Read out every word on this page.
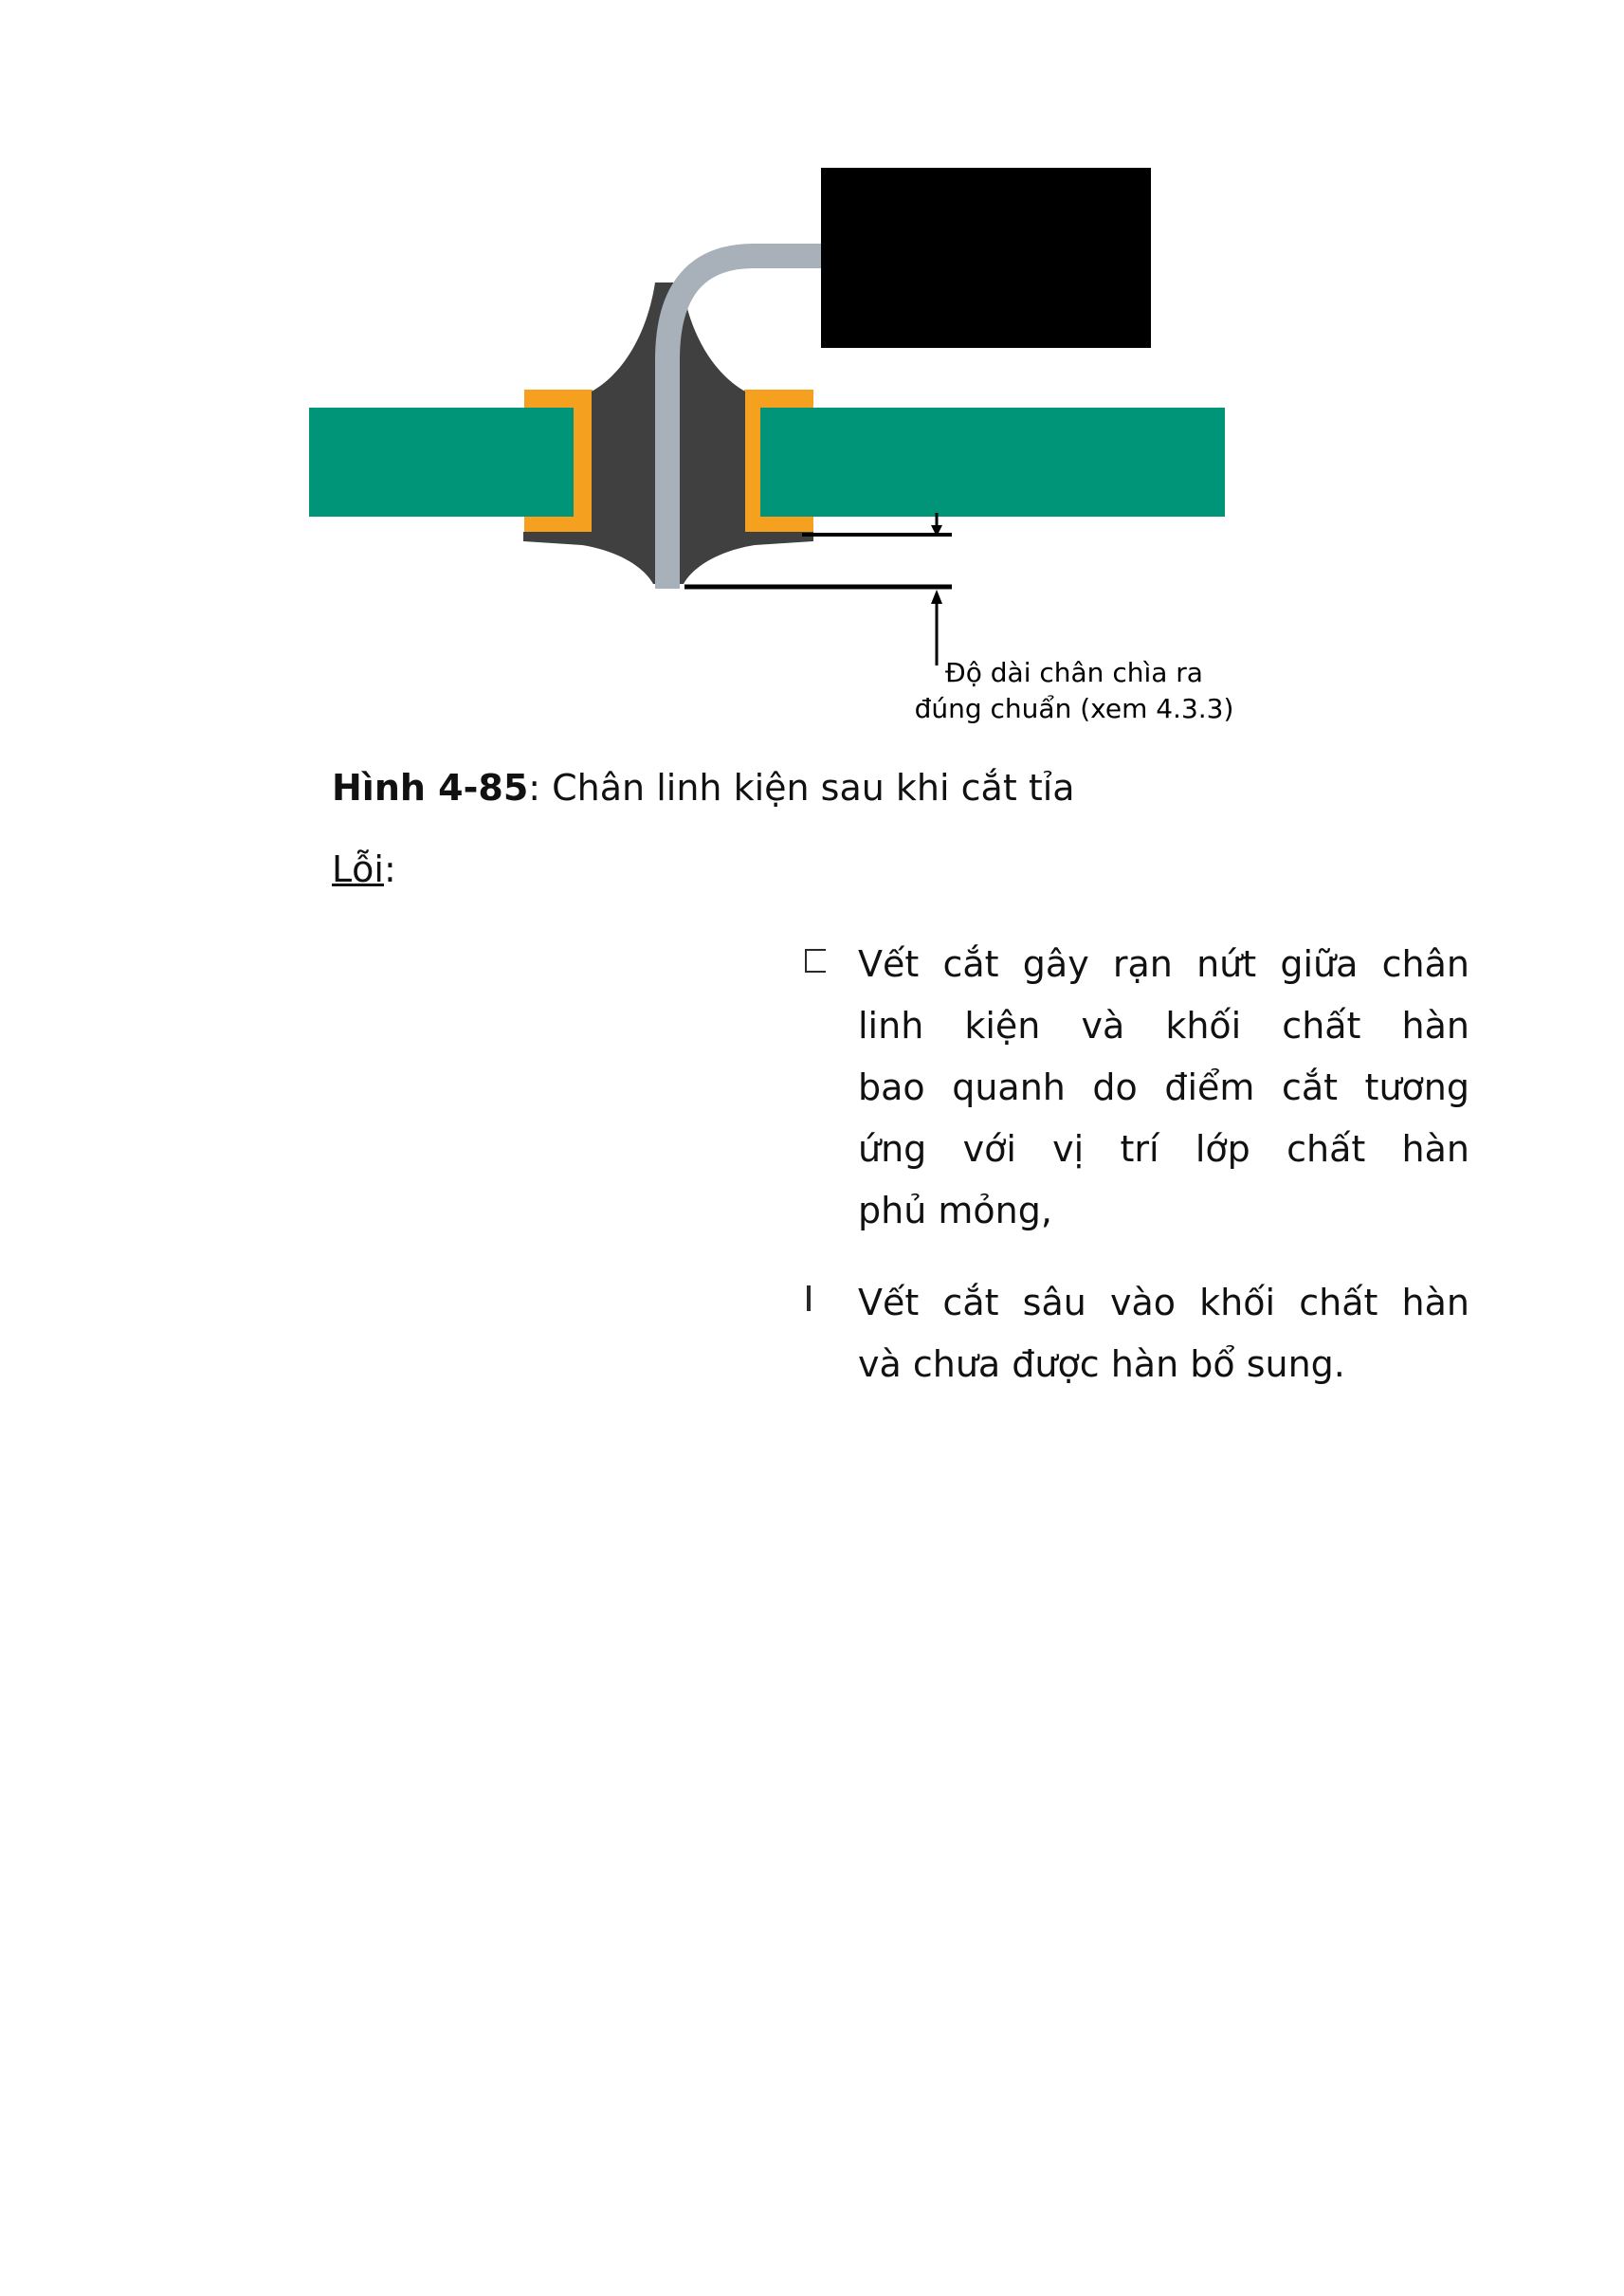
Độ dài chân chìa ra
đúng chuẩn (xem 4.3.3)
Hình 4-85: Chân linh kiện sau khi cắt tỉa
Lỗi:
Vết cắt gây rạn nứt giữa chân
linh kiện và khối chất hàn
bao quanh do điểm cắt tương
ứng với vị trí lớp chất hàn
phủ mỏng,
Vết cắt sâu vào khối chất hàn
và chưa được hàn bổ sung.
